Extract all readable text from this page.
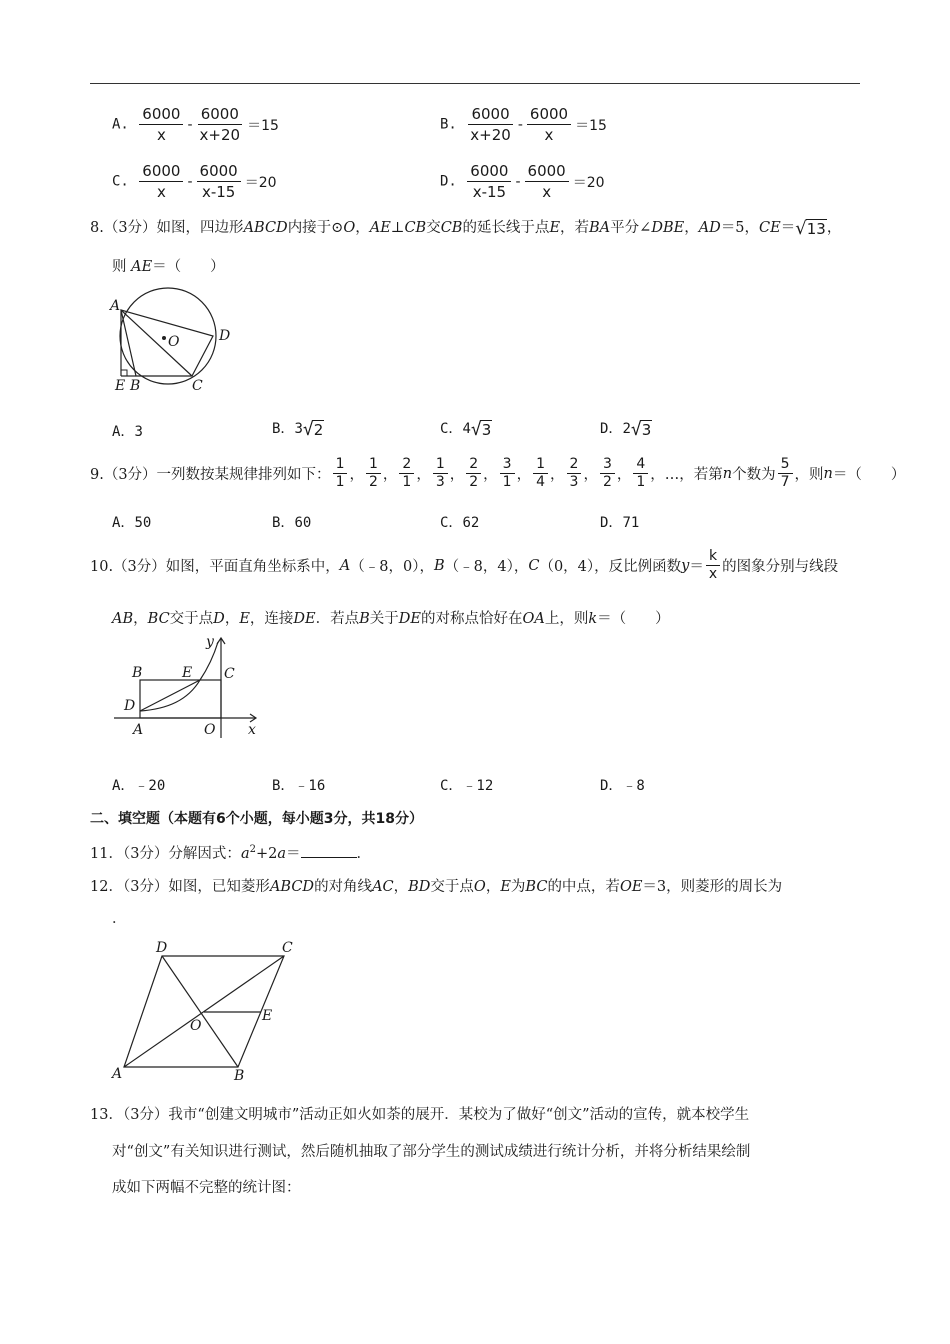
A. $\frac{6000}{x} - \frac{6000}{x+20} =15$	B. $\frac{6000}{x+20} - \frac{6000}{x} =15$
C. $\frac{6000}{x} - \frac{6000}{x-15} =20$	D. $\frac{6000}{x-15} - \frac{6000}{x} =20$
8.（3分）如图，四边形ABCD内接于⊙O，AE⊥CB交CB的延长线于点E，若BA平分∠DBE，AD＝5，CE＝ √ 13 ，
则 AE＝（　　）
A
O	D
E B	C
A．3	B．3 √ 2	C．4 √ 3	D．2 √ 3
9.（3分）一列数按某规律排列如下： $\frac{1}{1}$ ， $\frac{1}{2}$ ， $\frac{2}{1}$ ， $\frac{1}{3}$ ， $\frac{2}{2}$ ， $\frac{3}{1}$ ， $\frac{1}{4}$ ， $\frac{2}{3}$ ， $\frac{3}{2}$ ， $\frac{4}{1}$ ，…，若第 n 个数为 $\frac{5}{7}$ ，则 n ＝（　　）
A．50	B．60	C．62	D．71
10.（3分）如图，平面直角坐标系中， A （﹣8，0）， B （﹣8，4）， C （0，4），反比例函数 $y = \frac{k}{x}$ 的图象分别与线段
AB，BC交于点D，E，连接DE．若点B关于DE的对称点恰好在OA上，则k＝（　　）
y
B	E C
D
A	O x
A．﹣20	B．﹣16	C．﹣12	D．﹣8
二、填空题（本题有6个小题，每小题3分，共18分）
11．（3分）分解因式：$a^2+2a=$	．
12．（3分）如图，已知菱形ABCD的对角线AC，BD交于点O，E为BC的中点，若OE＝3，则菱形的周长为
．
D	C
O
E
A	B
13．（3分）我市“创建文明城市”活动正如火如荼的展开．某校为了做好“创文”活动的宣传，就本校学生
对“创文”有关知识进行测试，然后随机抽取了部分学生的测试成绩进行统计分析，并将分析结果绘制
成如下两幅不完整的统计图：
